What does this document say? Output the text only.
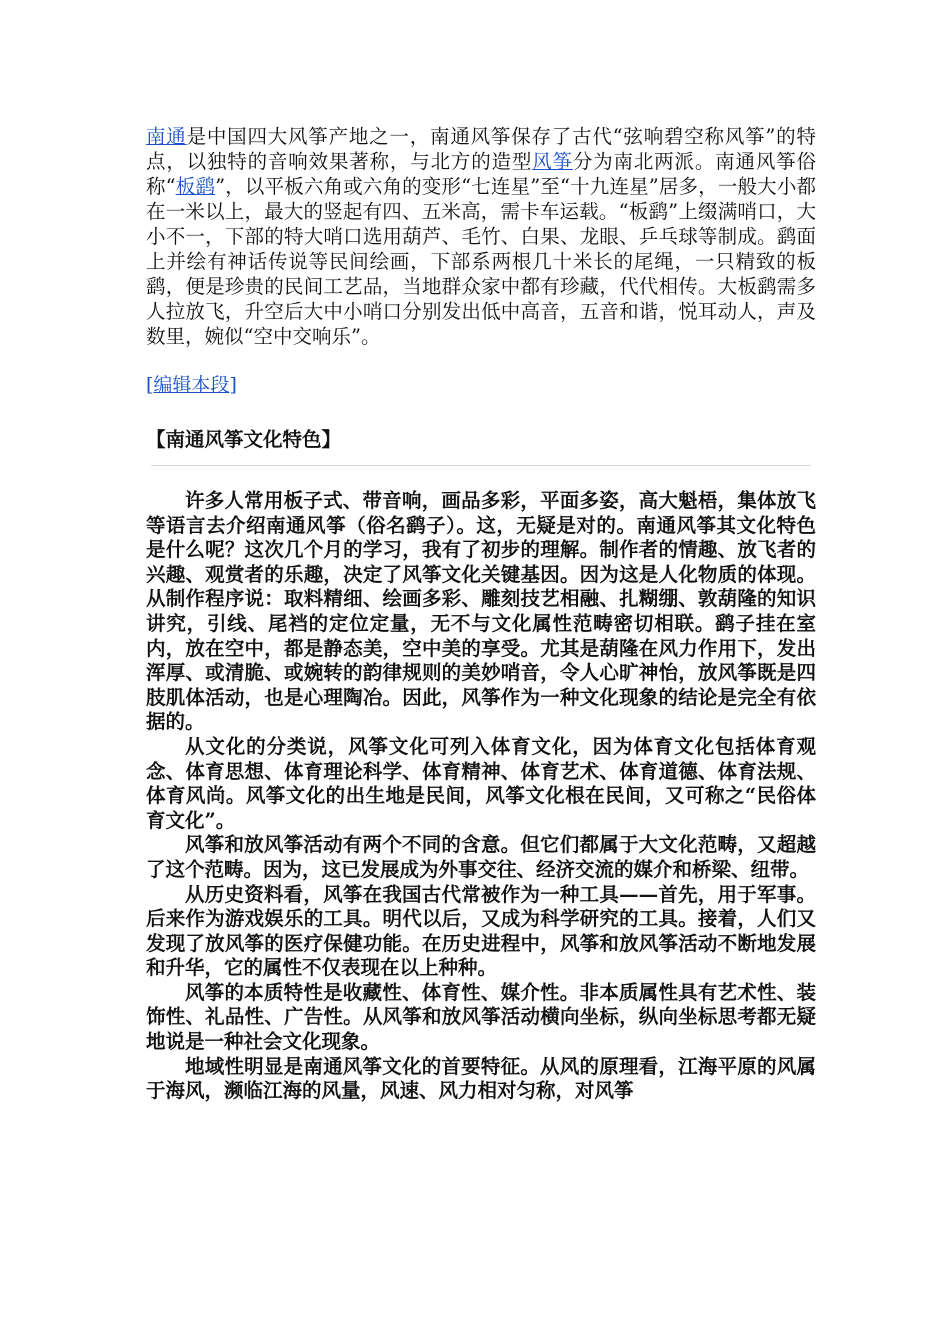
南通是中国四大风筝产地之一，南通风筝保存了古代“弦响碧空称风筝”的特点，以独特的音响效果著称，与北方的造型风筝分为南北两派。南通风筝俗称“板鹞”，以平板六角或六角的变形“七连星”至“十九连星”居多，一般大小都在一米以上，最大的竖起有四、五米高，需卡车运载。“板鹞”上缀满哨口，大小不一，下部的特大哨口选用葫芦、毛竹、白果、龙眼、乒乓球等制成。鹞面上并绘有神话传说等民间绘画，下部系两根几十米长的尾绳，一只精致的板鹞，便是珍贵的民间工艺品，当地群众家中都有珍藏，代代相传。大板鹞需多人拉放飞，升空后大中小哨口分别发出低中高音，五音和谐，悦耳动人，声及数里，婉似“空中交响乐”。

[编辑本段]
【南通风筝文化特色】

许多人常用板子式、带音响，画品多彩，平面多姿，高大魁梧，集体放飞等语言去介绍南通风筝（俗名鹞子）。这，无疑是对的。南通风筝其文化特色是什么呢？这次几个月的学习，我有了初步的理解。制作者的情趣、放飞者的兴趣、观赏者的乐趣，决定了风筝文化关键基因。因为这是人化物质的体现。从制作程序说：取料精细、绘画多彩、雕刻技艺相融、扎糊绷、敦葫隆的知识讲究，引线、尾裆的定位定量，无不与文化属性范畴密切相联。鹞子挂在室内，放在空中，都是静态美，空中美的享受。尤其是葫隆在风力作用下，发出浑厚、或清脆、或婉转的韵律规则的美妙哨音，令人心旷神怡，放风筝既是四肢肌体活动，也是心理陶冶。因此，风筝作为一种文化现象的结论是完全有依据的。

从文化的分类说，风筝文化可列入体育文化，因为体育文化包括体育观念、体育思想、体育理论科学、体育精神、体育艺术、体育道德、体育法规、体育风尚。风筝文化的出生地是民间，风筝文化根在民间，又可称之“民俗体育文化”。

风筝和放风筝活动有两个不同的含意。但它们都属于大文化范畴，又超越了这个范畴。因为，这已发展成为外事交往、经济交流的媒介和桥梁、纽带。

从历史资料看，风筝在我国古代常被作为一种工具——首先，用于军事。后来作为游戏娱乐的工具。明代以后，又成为科学研究的工具。接着，人们又发现了放风筝的医疗保健功能。在历史进程中，风筝和放风筝活动不断地发展和升华，它的属性不仅表现在以上种种。

风筝的本质特性是收藏性、体育性、媒介性。非本质属性具有艺术性、装饰性、礼品性、广告性。从风筝和放风筝活动横向坐标，纵向坐标思考都无疑地说是一种社会文化现象。

地域性明显是南通风筝文化的首要特征。从风的原理看，江海平原的风属于海风，濒临江海的风量，风速、风力相对匀称，对风筝
